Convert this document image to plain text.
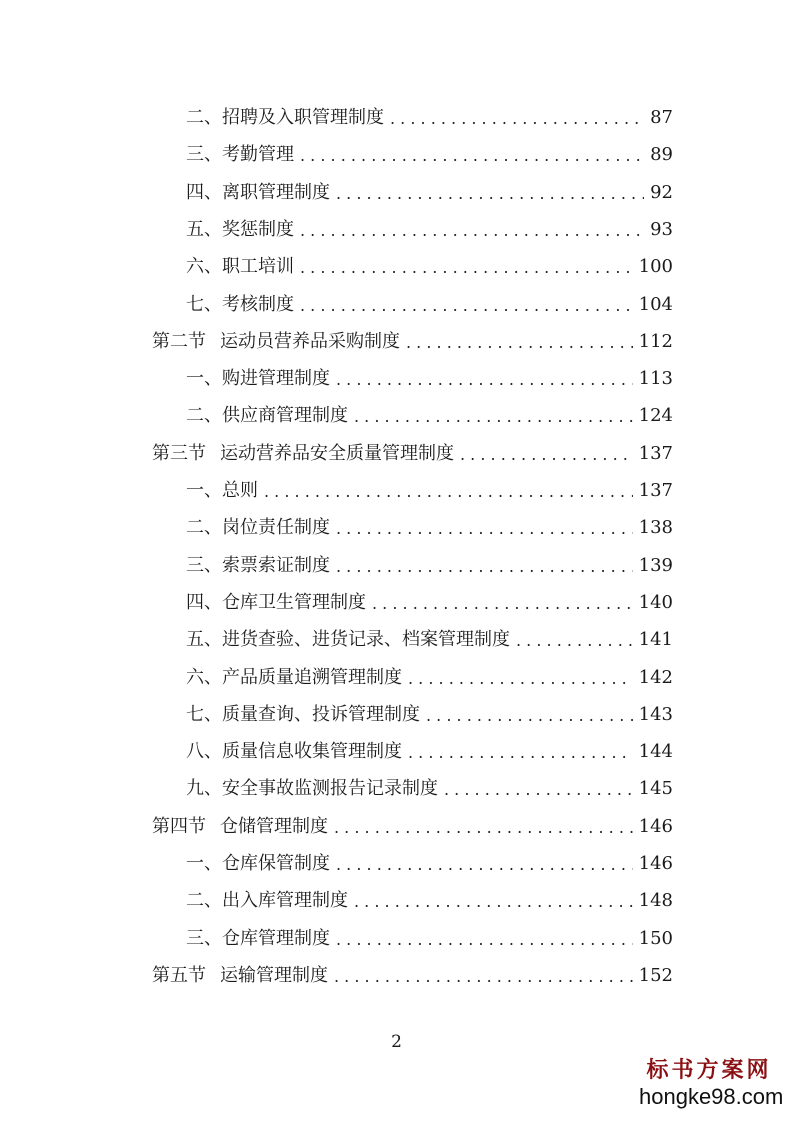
二、招聘及入职管理制度 . . .	87
三、考勤管理 . . .	89
四、离职管理制度 . . .	92
五、奖惩制度 . . .	93
六、职工培训 . . .	100
七、考核制度 . . .	104
第二节 运动员营养品采购制度 . . .	112
一、购进管理制度 . . .	113
二、供应商管理制度 . . .	124
第三节 运动营养品安全质量管理制度 . . .	137
一、总则 . . .	137
二、岗位责任制度 . . .	138
三、索票索证制度 . . .	139
四、仓库卫生管理制度 . . .	140
五、进货查验、进货记录、档案管理制度 . . .	141
六、产品质量追溯管理制度 . . .	142
七、质量查询、投诉管理制度 . . .	143
八、质量信息收集管理制度 . . .	144
九、安全事故监测报告记录制度 . . .	145
第四节 仓储管理制度 . . .	146
一、仓库保管制度 . . .	146
二、出入库管理制度 . . .	148
三、仓库管理制度 . . .	150
第五节 运输管理制度 . . .	152
2
标书方案网
hongke98.com
